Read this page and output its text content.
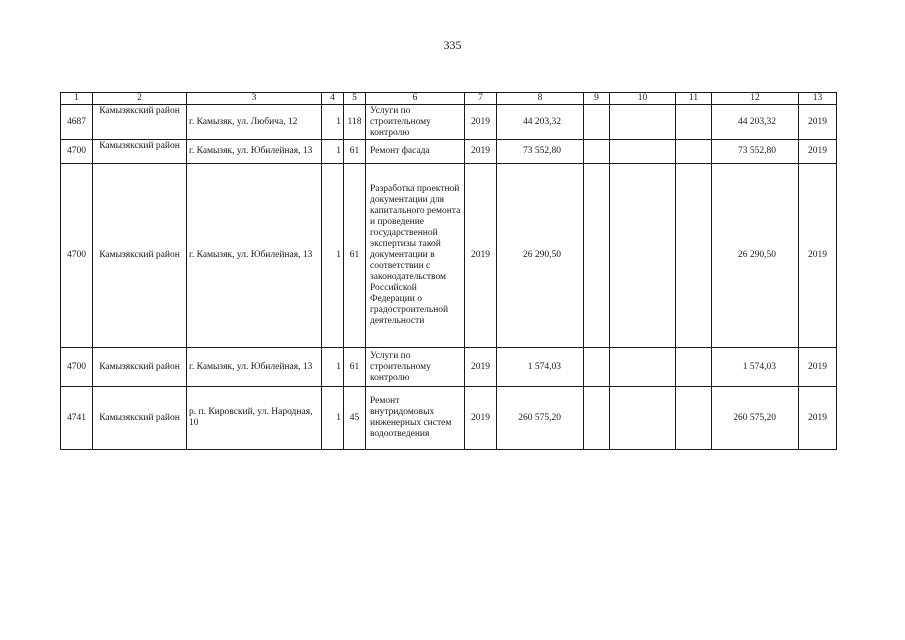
335
1	2	3	4	5	6	7	8	9	10	11	12	13
4687	Камызякский район	г. Камызяк, ул. Любича, 12	1	118	Услуги по строительному контролю	2019	44 203,32				44 203,32	2019
4700	Камызякский район	г. Камызяк, ул. Юбилейная, 13	1	61	Ремонт фасада	2019	73 552,80				73 552,80	2019
4700	Камызякский район	г. Камызяк, ул. Юбилейная, 13	1	61	Разработка проектной документации для капитального ремонта и проведение государственной экспертизы такой документации в соответствии с законодательством Российской Федерации о градостроительной деятельности	2019	26 290,50				26 290,50	2019
4700	Камызякский район	г. Камызяк, ул. Юбилейная, 13	1	61	Услуги по строительному контролю	2019	1 574,03				1 574,03	2019
4741	Камызякский район	р. п. Кировский, ул. Народная, 10	1	45	Ремонт внутридомовых инженерных систем водоотведения	2019	260 575,20				260 575,20	2019
